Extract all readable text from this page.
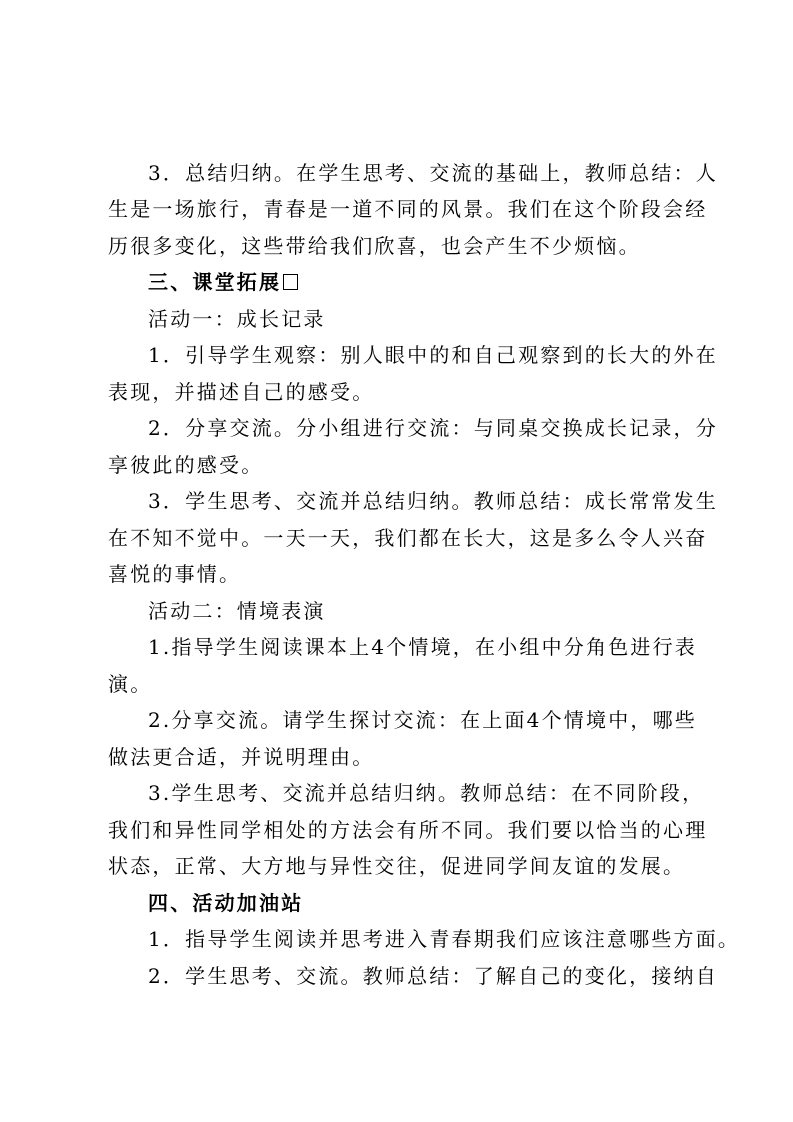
3．总结归纳。在学生思考、交流的基础上，教师总结：人
生是一场旅行，青春是一道不同的风景。我们在这个阶段会经
历很多变化，这些带给我们欣喜，也会产生不少烦恼。
三、课堂拓展
活动一：成长记录
1．引导学生观察：别人眼中的和自己观察到的长大的外在
表现，并描述自己的感受。
2．分享交流。分小组进行交流：与同桌交换成长记录，分
享彼此的感受。
3．学生思考、交流并总结归纳。教师总结：成长常常发生
在不知不觉中。一天一天，我们都在长大，这是多么令人兴奋
喜悦的事情。
活动二：情境表演
1.指导学生阅读课本上4个情境，在小组中分角色进行表
演。
2.分享交流。请学生探讨交流：在上面4个情境中，哪些
做法更合适，并说明理由。
3.学生思考、交流并总结归纳。教师总结：在不同阶段，
我们和异性同学相处的方法会有所不同。我们要以恰当的心理
状态，正常、大方地与异性交往，促进同学间友谊的发展。
四、活动加油站
1．指导学生阅读并思考进入青春期我们应该注意哪些方面。
2．学生思考、交流。教师总结：了解自己的变化，接纳自
